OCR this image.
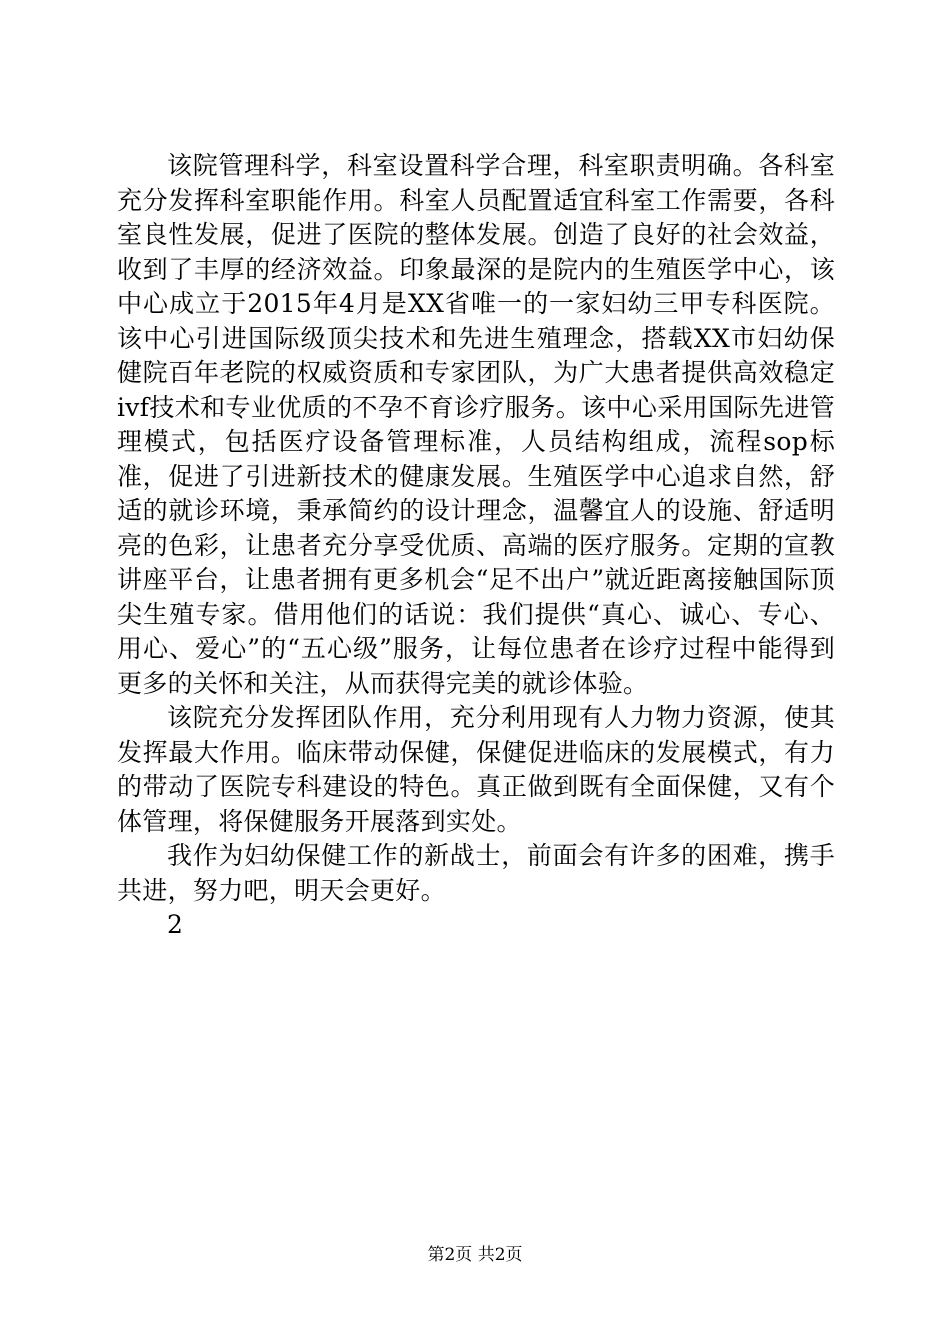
该院管理科学，科室设置科学合理，科室职责明确。各科室充分发挥科室职能作用。科室人员配置适宜科室工作需要，各科室良性发展，促进了医院的整体发展。创造了良好的社会效益，收到了丰厚的经济效益。印象最深的是院内的生殖医学中心，该中心成立于2015年4月是XX省唯一的一家妇幼三甲专科医院。该中心引进国际级顶尖技术和先进生殖理念，搭载XX市妇幼保健院百年老院的权威资质和专家团队，为广大患者提供高效稳定ivf技术和专业优质的不孕不育诊疗服务。该中心采用国际先进管理模式，包括医疗设备管理标准，人员结构组成，流程sop标准，促进了引进新技术的健康发展。生殖医学中心追求自然，舒适的就诊环境，秉承简约的设计理念，温馨宜人的设施、舒适明亮的色彩，让患者充分享受优质、高端的医疗服务。定期的宣教讲座平台，让患者拥有更多机会“足不出户”就近距离接触国际顶尖生殖专家。借用他们的话说：我们提供“真心、诚心、专心、用心、爱心”的“五心级”服务，让每位患者在诊疗过程中能得到更多的关怀和关注，从而获得完美的就诊体验。

该院充分发挥团队作用，充分利用现有人力物力资源，使其发挥最大作用。临床带动保健，保健促进临床的发展模式，有力的带动了医院专科建设的特色。真正做到既有全面保健，又有个体管理，将保健服务开展落到实处。

我作为妇幼保健工作的新战士，前面会有许多的困难，携手共进，努力吧，明天会更好。

2

第2页 共2页
